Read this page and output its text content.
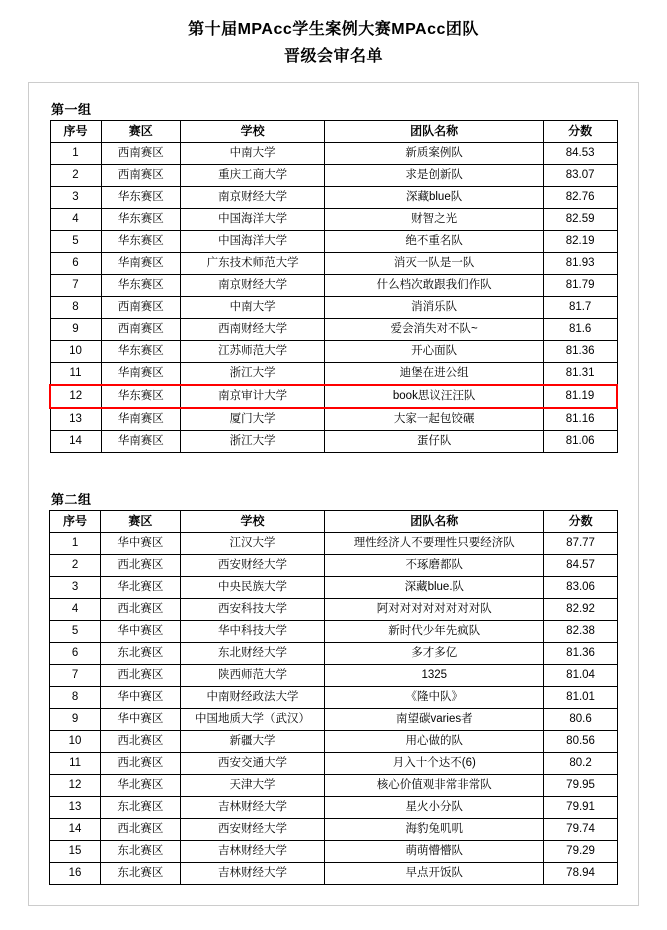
第十届MPAcc学生案例大赛MPAcc团队
晋级会审名单
第一组
序号	赛区	学校	团队名称	分数
1	西南赛区	中南大学	新质案例队	84.53
2	西南赛区	重庆工商大学	求是创新队	83.07
3	华东赛区	南京财经大学	深藏blue队	82.76
4	华东赛区	中国海洋大学	财智之光	82.59
5	华东赛区	中国海洋大学	绝不重名队	82.19
6	华南赛区	广东技术师范大学	消灭一队是一队	81.93
7	华东赛区	南京财经大学	什么档次敢跟我们作队	81.79
8	西南赛区	中南大学	消消乐队	81.7
9	西南赛区	西南财经大学	爱会消失对不队~	81.6
10	华东赛区	江苏师范大学	开心面队	81.36
11	华南赛区	浙江大学	迪堡在进公组	81.31
12	华东赛区	南京审计大学	book思议汪汪队	81.19
13	华南赛区	厦门大学	大家一起包饺碾	81.16
14	华南赛区	浙江大学	蛋仔队	81.06
第二组
序号	赛区	学校	团队名称	分数
1	华中赛区	江汉大学	理性经济人不要理性只要经济队	87.77
2	西北赛区	西安财经大学	不琢磨都队	84.57
3	华北赛区	中央民族大学	深藏blue.队	83.06
4	西北赛区	西安科技大学	阿对对对对对对对对队	82.92
5	华中赛区	华中科技大学	新时代少年先疯队	82.38
6	东北赛区	东北财经大学	多才多亿	81.36
7	西北赛区	陕西师范大学	1325	81.04
8	华中赛区	中南财经政法大学	《隆中队》	81.01
9	华中赛区	中国地质大学（武汉）	南望碳varies者	80.6
10	西北赛区	新疆大学	用心做的队	80.56
11	西北赛区	西安交通大学	月入十个达不(6)	80.2
12	华北赛区	天津大学	核心价值观非常非常队	79.95
13	东北赛区	吉林财经大学	星火小分队	79.91
14	西北赛区	西安财经大学	海豹兔叽叽	79.74
15	东北赛区	吉林财经大学	萌萌懵懵队	79.29
16	东北赛区	吉林财经大学	早点开饭队	78.94
